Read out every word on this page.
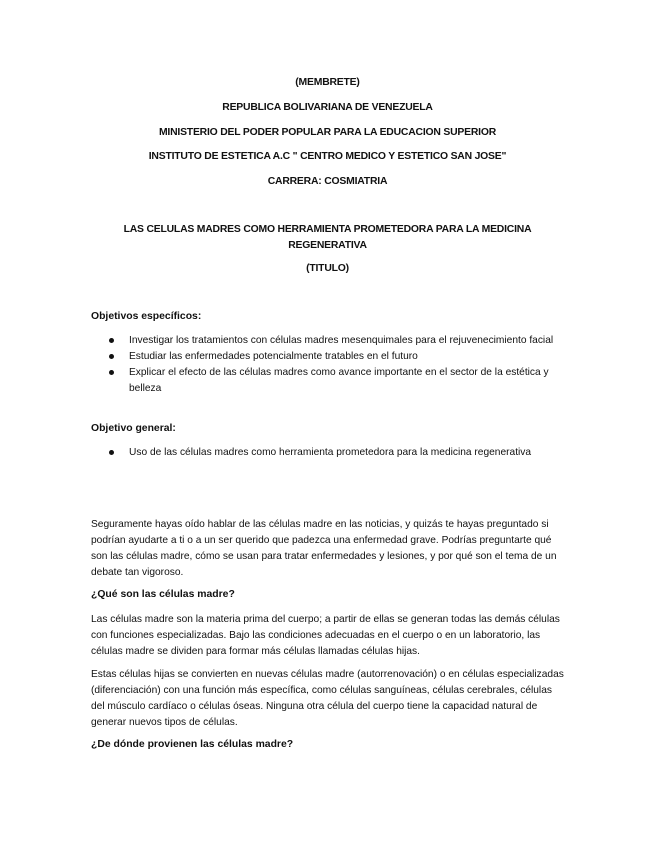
(MEMBRETE)
REPUBLICA BOLIVARIANA DE VENEZUELA
MINISTERIO DEL PODER POPULAR PARA LA EDUCACION SUPERIOR
INSTITUTO DE ESTETICA A.C " CENTRO MEDICO Y ESTETICO SAN JOSE"
CARRERA: COSMIATRIA
LAS CELULAS MADRES COMO HERRAMIENTA PROMETEDORA PARA LA MEDICINA REGENERATIVA
(TITULO)
Objetivos específicos:
Investigar los tratamientos con células madres mesenquimales para el rejuvenecimiento facial
Estudiar las enfermedades potencialmente tratables en el futuro
Explicar el efecto de las células madres como avance importante en el sector de la estética y belleza
Objetivo general:
Uso de las células madres como herramienta prometedora para la medicina regenerativa

Seguramente hayas oído hablar de las células madre en las noticias, y quizás te hayas preguntado si podrían ayudarte a ti o a un ser querido que padezca una enfermedad grave. Podrías preguntarte qué son las células madre, cómo se usan para tratar enfermedades y lesiones, y por qué son el tema de un debate tan vigoroso.

¿Qué son las células madre?

Las células madre son la materia prima del cuerpo; a partir de ellas se generan todas las demás células con funciones especializadas. Bajo las condiciones adecuadas en el cuerpo o en un laboratorio, las células madre se dividen para formar más células llamadas células hijas.

Estas células hijas se convierten en nuevas células madre (autorrenovación) o en células especializadas (diferenciación) con una función más específica, como células sanguíneas, células cerebrales, células del músculo cardíaco o células óseas. Ninguna otra célula del cuerpo tiene la capacidad natural de generar nuevos tipos de células.

¿De dónde provienen las células madre?
